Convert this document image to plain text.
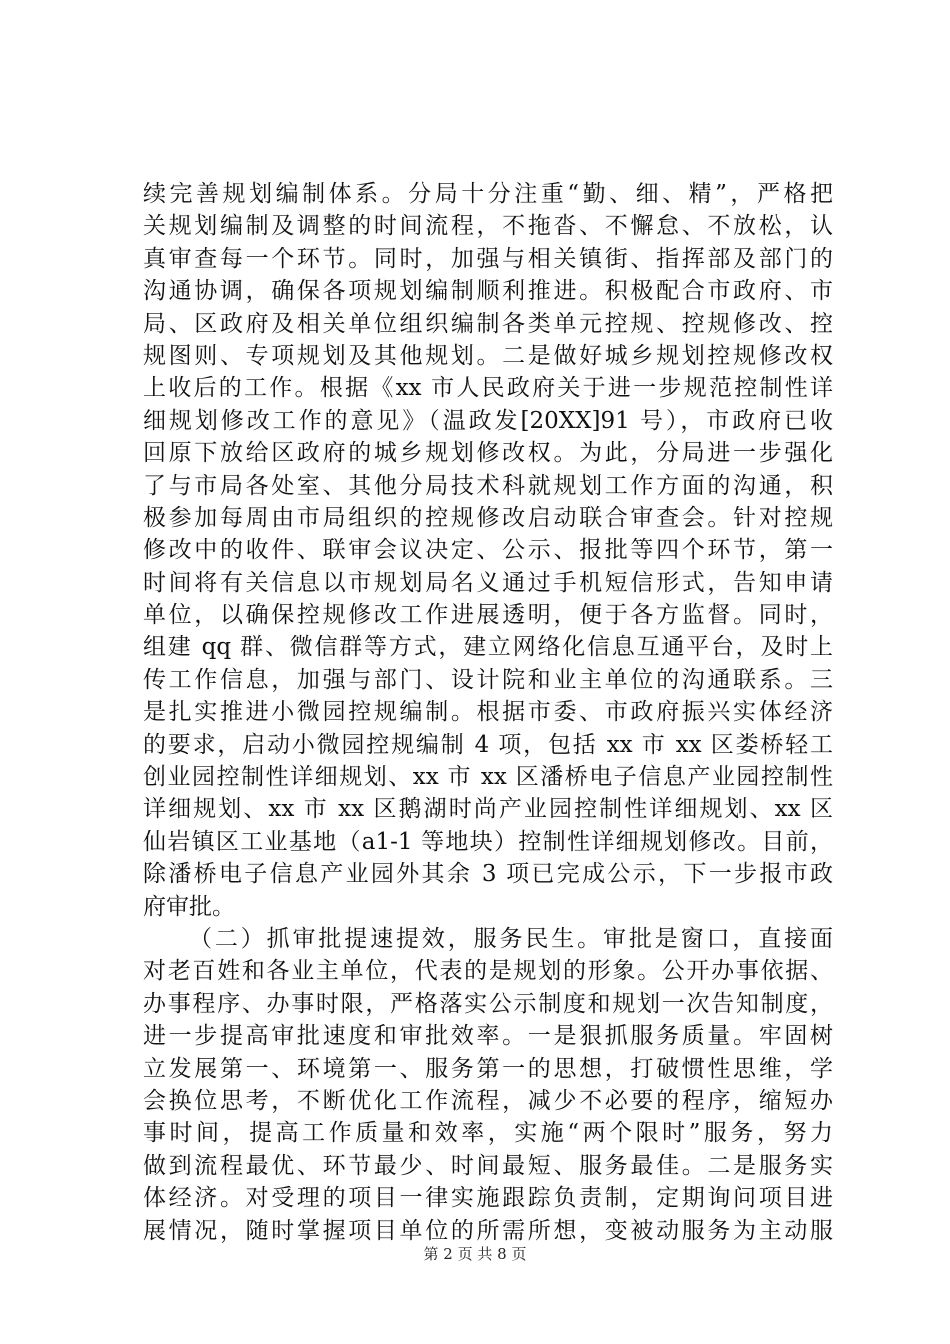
续完善规划编制体系。分局十分注重“勤、细、精”，严格把
关规划编制及调整的时间流程，不拖沓、不懈怠、不放松，认
真审查每一个环节。同时，加强与相关镇街、指挥部及部门的
沟通协调，确保各项规划编制顺利推进。积极配合市政府、市
局、区政府及相关单位组织编制各类单元控规、控规修改、控
规图则、专项规划及其他规划。二是做好城乡规划控规修改权
上收后的工作。根据《xx 市人民政府关于进一步规范控制性详
细规划修改工作的意见》（温政发[20XX]91 号），市政府已收
回原下放给区政府的城乡规划修改权。为此，分局进一步强化
了与市局各处室、其他分局技术科就规划工作方面的沟通，积
极参加每周由市局组织的控规修改启动联合审查会。针对控规
修改中的收件、联审会议决定、公示、报批等四个环节，第一
时间将有关信息以市规划局名义通过手机短信形式，告知申请
单位，以确保控规修改工作进展透明，便于各方监督。同时，
组建 qq 群、微信群等方式，建立网络化信息互通平台，及时上
传工作信息，加强与部门、设计院和业主单位的沟通联系。三
是扎实推进小微园控规编制。根据市委、市政府振兴实体经济
的要求，启动小微园控规编制 4 项，包括 xx 市 xx 区娄桥轻工
创业园控制性详细规划、xx 市 xx 区潘桥电子信息产业园控制性
详细规划、xx 市 xx 区鹅湖时尚产业园控制性详细规划、xx 区
仙岩镇区工业基地（a1-1 等地块）控制性详细规划修改。目前，
除潘桥电子信息产业园外其余 3 项已完成公示，下一步报市政
府审批。
（二）抓审批提速提效，服务民生。审批是窗口，直接面
对老百姓和各业主单位，代表的是规划的形象。公开办事依据、
办事程序、办事时限，严格落实公示制度和规划一次告知制度，
进一步提高审批速度和审批效率。一是狠抓服务质量。牢固树
立发展第一、环境第一、服务第一的思想，打破惯性思维，学
会换位思考，不断优化工作流程，减少不必要的程序，缩短办
事时间，提高工作质量和效率，实施“两个限时”服务，努力
做到流程最优、环节最少、时间最短、服务最佳。二是服务实
体经济。对受理的项目一律实施跟踪负责制，定期询问项目进
展情况，随时掌握项目单位的所需所想，变被动服务为主动服
第 2 页 共 8 页
